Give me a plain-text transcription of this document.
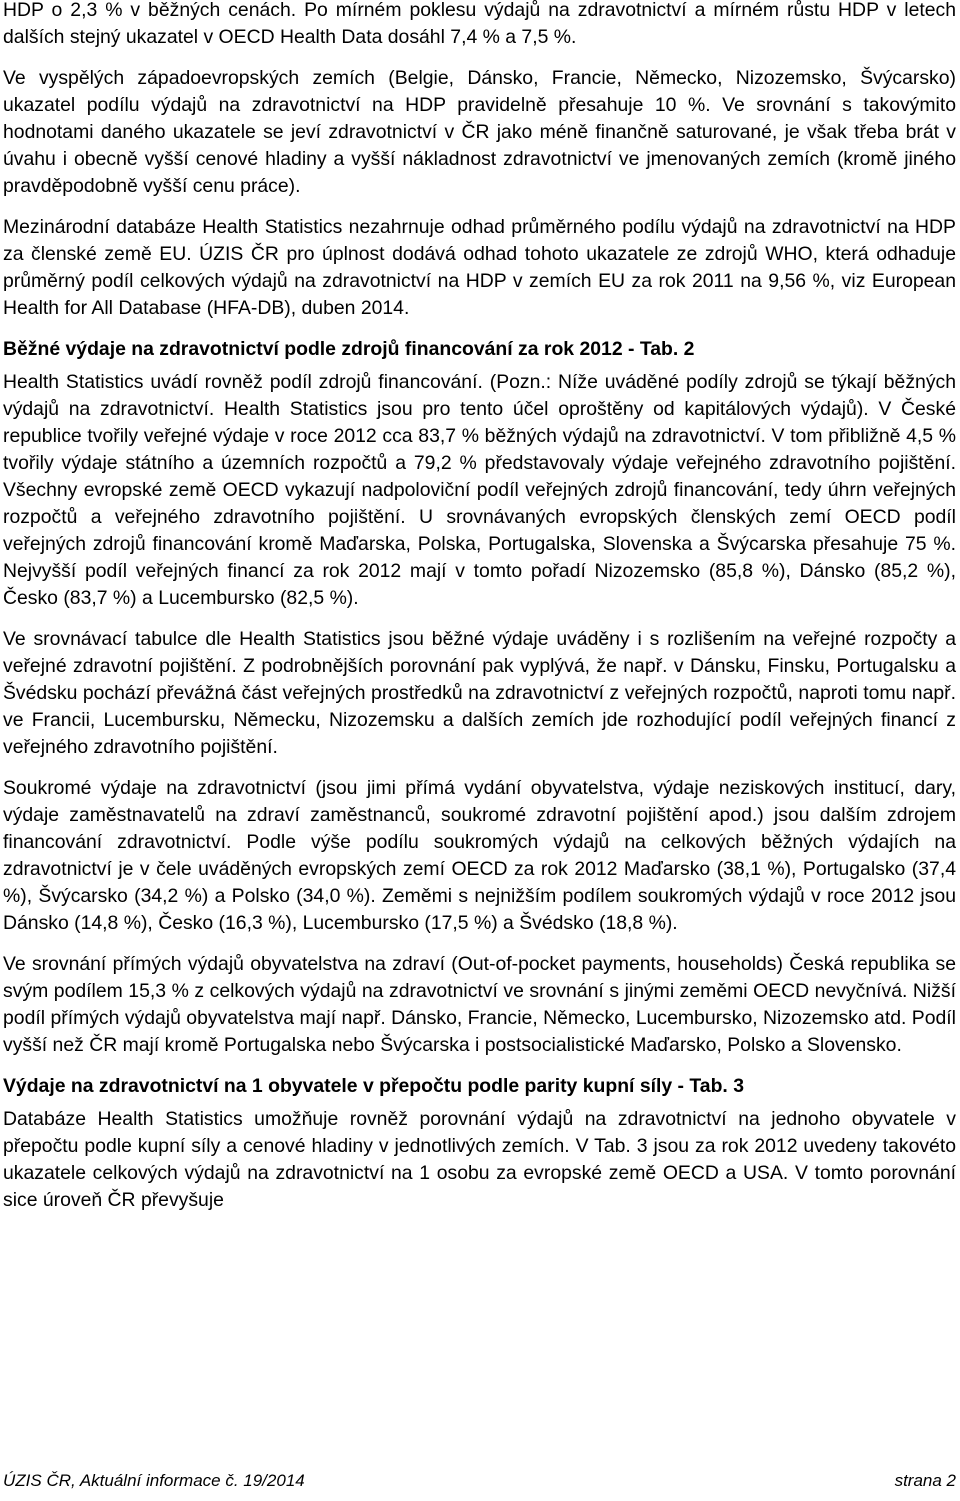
HDP o 2,3 % v běžných cenách. Po mírném poklesu výdajů na zdravotnictví a mírném růstu HDP v letech dalších stejný ukazatel v OECD Health Data dosáhl 7,4 % a 7,5 %.

Ve vyspělých západoevropských zemích (Belgie, Dánsko, Francie, Německo, Nizozemsko, Švýcarsko) ukazatel podílu výdajů na zdravotnictví na HDP pravidelně přesahuje 10 %. Ve srovnání s takovýmito hodnotami daného ukazatele se jeví zdravotnictví v ČR jako méně finančně saturované, je však třeba brát v úvahu i obecně vyšší cenové hladiny a vyšší nákladnost zdravotnictví ve jmenovaných zemích (kromě jiného pravděpodobně vyšší cenu práce).

Mezinárodní databáze Health Statistics nezahrnuje odhad průměrného podílu výdajů na zdravotnictví na HDP za členské země EU. ÚZIS ČR pro úplnost dodává odhad tohoto ukazatele ze zdrojů WHO, která odhaduje průměrný podíl celkových výdajů na zdravotnictví na HDP v zemích EU za rok 2011 na 9,56 %, viz European Health for All Database (HFA-DB), duben 2014.

Běžné výdaje na zdravotnictví podle zdrojů financování za rok 2012 - Tab. 2

Health Statistics uvádí rovněž podíl zdrojů financování. (Pozn.: Níže uváděné podíly zdrojů se týkají běžných výdajů na zdravotnictví. Health Statistics jsou pro tento účel oproštěny od kapitálových výdajů). V České republice tvořily veřejné výdaje v roce 2012 cca 83,7 % běžných výdajů na zdravotnictví. V tom přibližně 4,5 % tvořily výdaje státního a územních rozpočtů a 79,2 % představovaly výdaje veřejného zdravotního pojištění. Všechny evropské země OECD vykazují nadpoloviční podíl veřejných zdrojů financování, tedy úhrn veřejných rozpočtů a veřejného zdravotního pojištění. U srovnávaných evropských členských zemí OECD podíl veřejných zdrojů financování kromě Maďarska, Polska, Portugalska, Slovenska a Švýcarska přesahuje 75 %. Nejvyšší podíl veřejných financí za rok 2012 mají v tomto pořadí Nizozemsko (85,8 %), Dánsko (85,2 %), Česko (83,7 %) a Lucembursko (82,5 %).

Ve srovnávací tabulce dle Health Statistics jsou běžné výdaje uváděny i s rozlišením na veřejné rozpočty a veřejné zdravotní pojištění. Z podrobnějších porovnání pak vyplývá, že např. v Dánsku, Finsku, Portugalsku a Švédsku pochází převážná část veřejných prostředků na zdravotnictví z veřejných rozpočtů, naproti tomu např. ve Francii, Lucembursku, Německu, Nizozemsku a dalších zemích jde rozhodující podíl veřejných financí z veřejného zdravotního pojištění.

Soukromé výdaje na zdravotnictví (jsou jimi přímá vydání obyvatelstva, výdaje neziskových institucí, dary, výdaje zaměstnavatelů na zdraví zaměstnanců, soukromé zdravotní pojištění apod.) jsou dalším zdrojem financování zdravotnictví. Podle výše podílu soukromých výdajů na celkových běžných výdajích na zdravotnictví je v čele uváděných evropských zemí OECD za rok 2012 Maďarsko (38,1 %), Portugalsko (37,4 %), Švýcarsko (34,2 %) a Polsko (34,0 %). Zeměmi s nejnižším podílem soukromých výdajů v roce 2012 jsou Dánsko (14,8 %), Česko (16,3 %), Lucembursko (17,5 %) a Švédsko (18,8 %).

Ve srovnání přímých výdajů obyvatelstva na zdraví (Out-of-pocket payments, households) Česká republika se svým podílem 15,3 % z celkových výdajů na zdravotnictví ve srovnání s jinými zeměmi OECD nevyčnívá. Nižší podíl přímých výdajů obyvatelstva mají např. Dánsko, Francie, Německo, Lucembursko, Nizozemsko atd. Podíl vyšší než ČR mají kromě Portugalska nebo Švýcarska i postsocialistické Maďarsko, Polsko a Slovensko.

Výdaje na zdravotnictví na 1 obyvatele v přepočtu podle parity kupní síly - Tab. 3

Databáze Health Statistics umožňuje rovněž porovnání výdajů na zdravotnictví na jednoho obyvatele v přepočtu podle kupní síly a cenové hladiny v jednotlivých zemích. V Tab. 3 jsou za rok 2012 uvedeny takovéto ukazatele celkových výdajů na zdravotnictví na 1 osobu za evropské země OECD a USA. V tomto porovnání sice úroveň ČR převyšuje

ÚZIS ČR, Aktuální informace č. 19/2014	strana 2
